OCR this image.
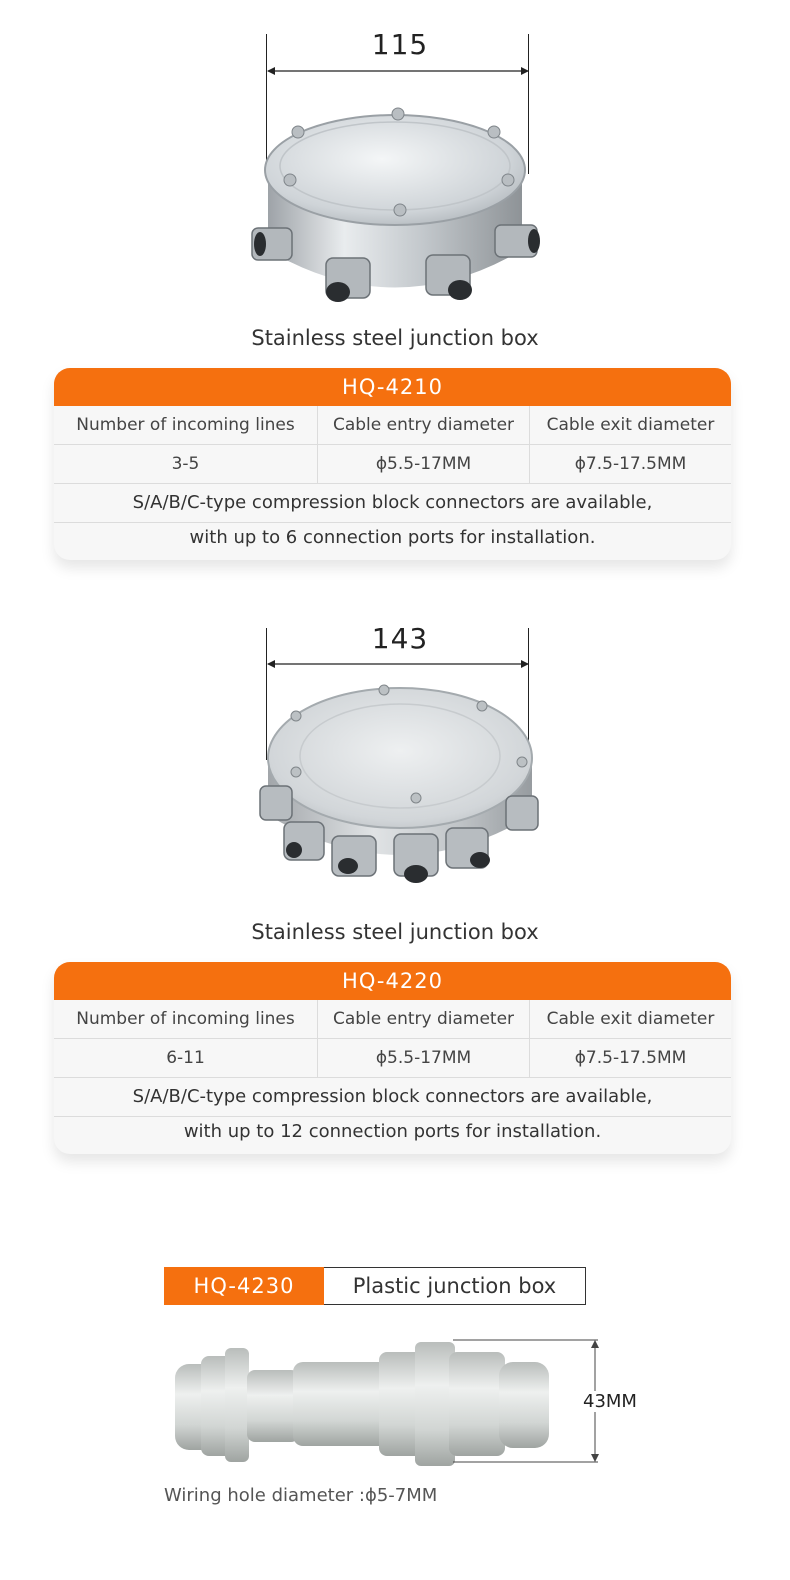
115
Stainless steel junction box
HQ-4210
Number of incoming lines	Cable entry diameter	Cable exit diameter
3-5	ϕ5.5-17MM	ϕ7.5-17.5MM
S/A/B/C-type compression block connectors are available,
with up to 6 connection ports for installation.
143
Stainless steel junction box
HQ-4220
Number of incoming lines	Cable entry diameter	Cable exit diameter
6-11	ϕ5.5-17MM	ϕ7.5-17.5MM
S/A/B/C-type compression block connectors are available,
with up to 12 connection ports for installation.
HQ-4230	Plastic junction box
43MM
Wiring hole diameter :ϕ5-7MM
